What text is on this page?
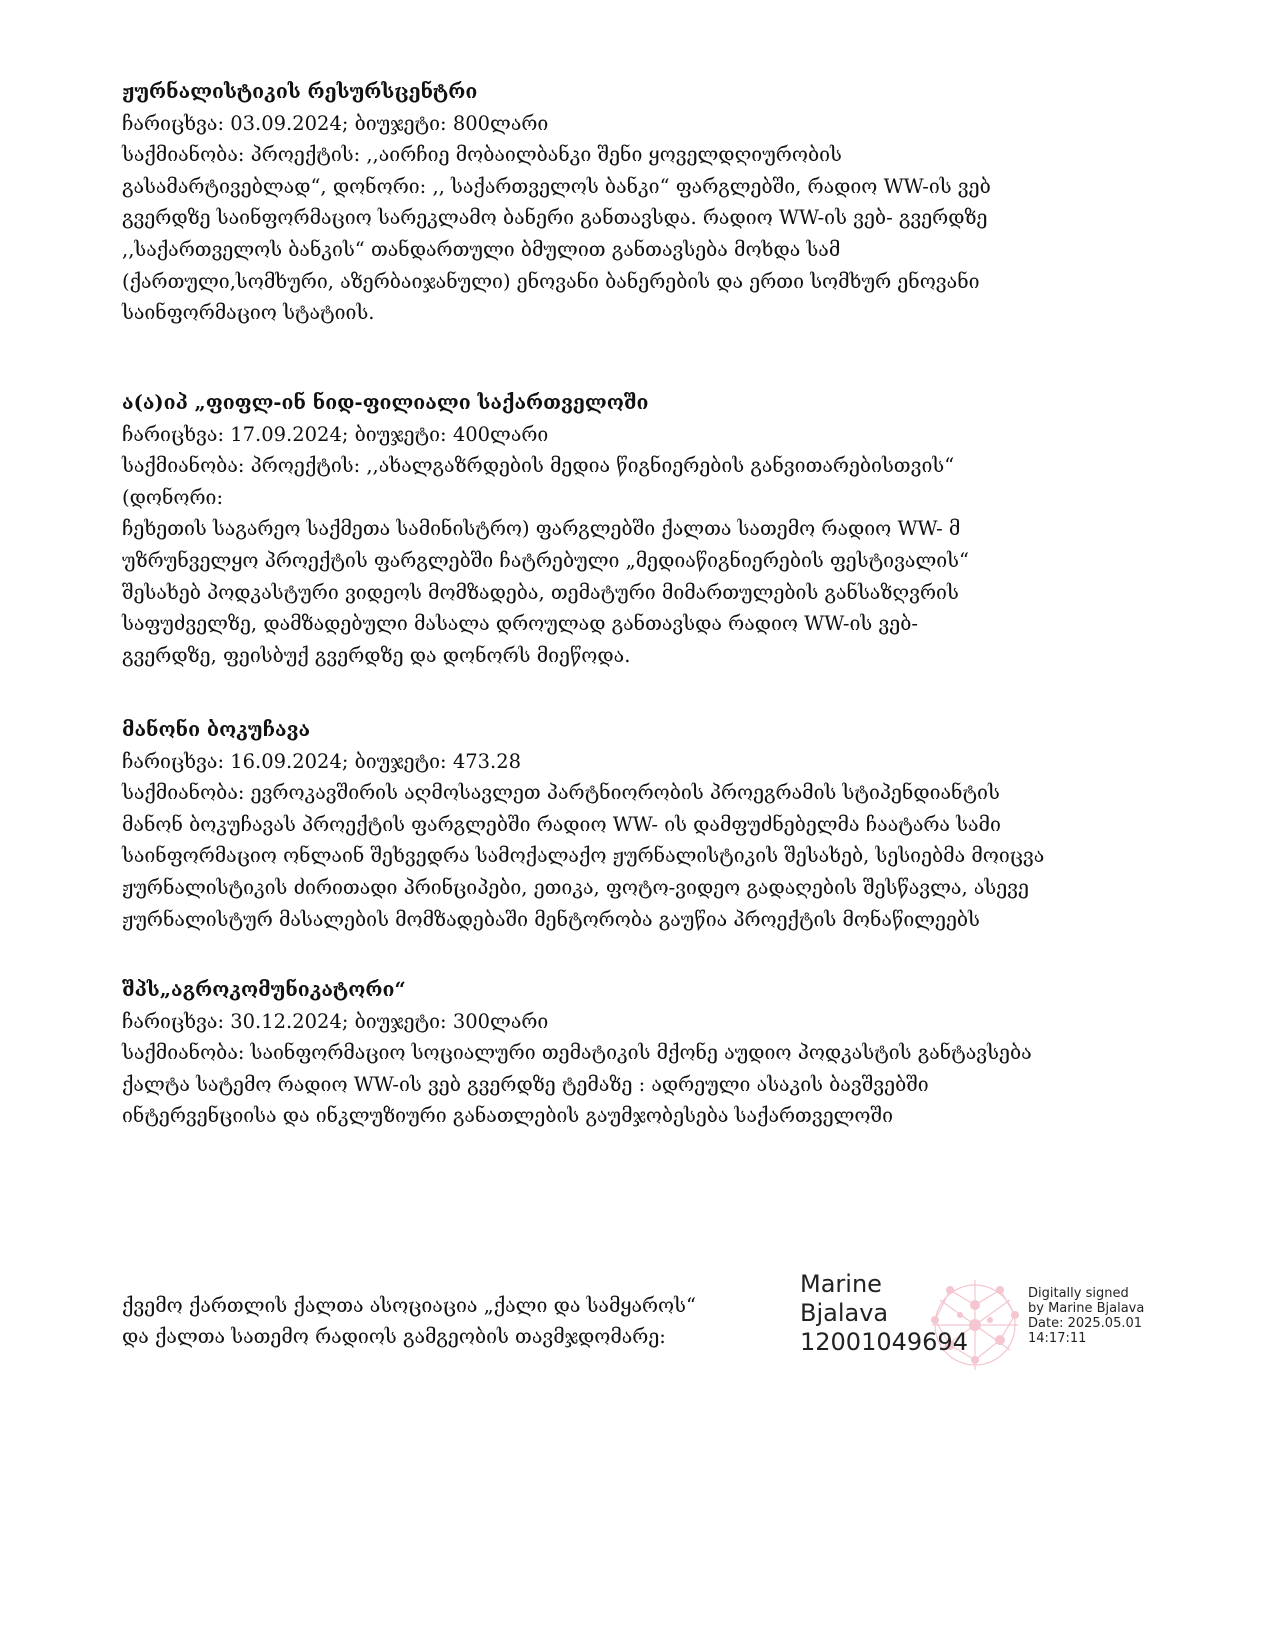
ჟურნალისტიკის რესურსცენტრი
ჩარიცხვა: 03.09.2024; ბიუჯეტი: 800ლარი
საქმიანობა: პროექტის: ,,აირჩიე მობაილბანკი შენი ყოველდღიურობის
გასამარტივებლად“, დონორი: ,, საქართველოს ბანკი“ ფარგლებში, რადიო WW-ის ვებ
გვერდზე საინფორმაციო სარეკლამო ბანერი განთავსდა. რადიო WW-ის ვებ- გვერდზე
,,საქართველოს ბანკის“ თანდართული ბმულით განთავსება მოხდა სამ
(ქართული,სომხური, აზერბაიჯანული) ენოვანი ბანერების და ერთი სომხურ ენოვანი
საინფორმაციო სტატიის.
ა(ა)იპ „ფიფლ-ინ ნიდ-ფილიალი საქართველოში
ჩარიცხვა: 17.09.2024; ბიუჯეტი: 400ლარი
საქმიანობა: პროექტის: ,,ახალგაზრდების მედია წიგნიერების განვითარებისთვის“
(დონორი:
ჩეხეთის საგარეო საქმეთა სამინისტრო) ფარგლებში ქალთა სათემო რადიო WW- მ
უზრუნველყო პროექტის ფარგლებში ჩატრებული „მედიაწიგნიერების ფესტივალის“
შესახებ პოდკასტური ვიდეოს მომზადება, თემატური მიმართულების განსაზღვრის
საფუძველზე, დამზადებული მასალა დროულად განთავსდა რადიო WW-ის ვებ-
გვერდზე, ფეისბუქ გვერდზე და დონორს მიეწოდა.
მანონი ბოკუჩავა
ჩარიცხვა: 16.09.2024; ბიუჯეტი: 473.28
საქმიანობა: ევროკავშირის აღმოსავლეთ პარტნიორობის პროეგრამის სტიპენდიანტის
მანონ ბოკუჩავას პროექტის ფარგლებში რადიო WW- ის დამფუძნებელმა ჩაატარა სამი
საინფორმაციო ონლაინ შეხვედრა სამოქალაქო ჟურნალისტიკის შესახებ, სესიებმა მოიცვა
ჟურნალისტიკის ძირითადი პრინციპები, ეთიკა, ფოტო-ვიდეო გადაღების შესწავლა, ასევე
ჟურნალისტურ მასალების მომზადებაში მენტორობა გაუწია პროექტის მონაწილეებს
შპს„აგროკომუნიკატორი“
ჩარიცხვა: 30.12.2024; ბიუჯეტი: 300ლარი
საქმიანობა: საინფორმაციო სოციალური თემატიკის მქონე აუდიო პოდკასტის განტავსება
ქალტა სატემო რადიო WW-ის ვებ გვერდზე ტემაზე : ადრეული ასაკის ბავშვებში
ინტერვენციისა და ინკლუზიური განათლების გაუმჯობესება საქართველოში
ქვემო ქართლის ქალთა ასოციაცია „ქალი და სამყაროს“
და ქალთა სათემო რადიოს გამგეობის თავმჯდომარე:
Marine
Bjalava
12001049694
Digitally signed
by Marine Bjalava
Date: 2025.05.01
14:17:11
